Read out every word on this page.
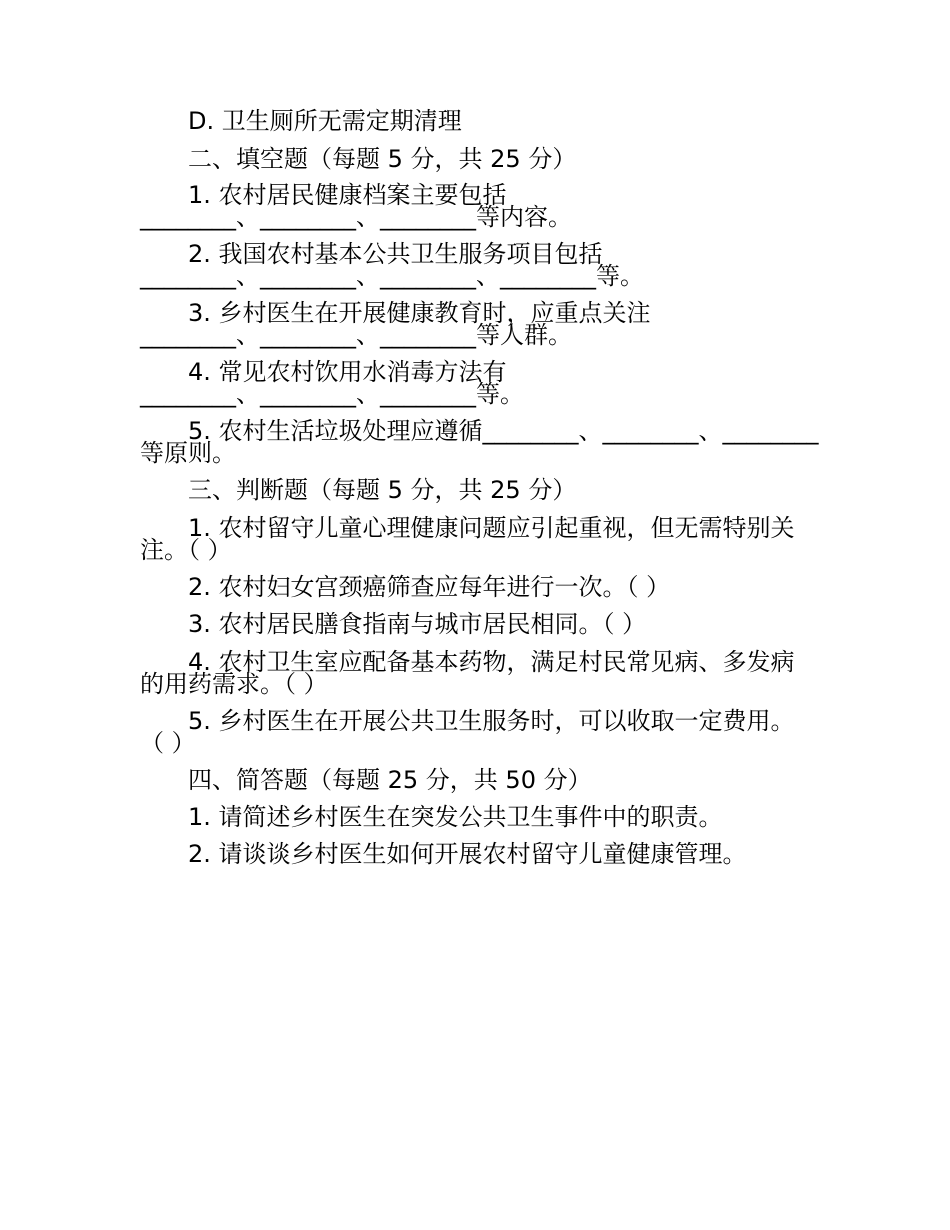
D. 卫生厕所无需定期清理
二、填空题（每题 5 分，共 25 分）
1. 农村居民健康档案主要包括
________、________、________等内容。
2. 我国农村基本公共卫生服务项目包括
________、________、________、________等。
3. 乡村医生在开展健康教育时，应重点关注
________、________、________等人群。
4. 常见农村饮用水消毒方法有
________、________、________等。
5. 农村生活垃圾处理应遵循________、________、________
等原则。
三、判断题（每题 5 分，共 25 分）
1. 农村留守儿童心理健康问题应引起重视，但无需特别关
注。（ ）
2. 农村妇女宫颈癌筛查应每年进行一次。（ ）
3. 农村居民膳食指南与城市居民相同。（ ）
4. 农村卫生室应配备基本药物，满足村民常见病、多发病
的用药需求。（ ）
5. 乡村医生在开展公共卫生服务时，可以收取一定费用。
（ ）
四、简答题（每题 25 分，共 50 分）
1. 请简述乡村医生在突发公共卫生事件中的职责。
2. 请谈谈乡村医生如何开展农村留守儿童健康管理。
